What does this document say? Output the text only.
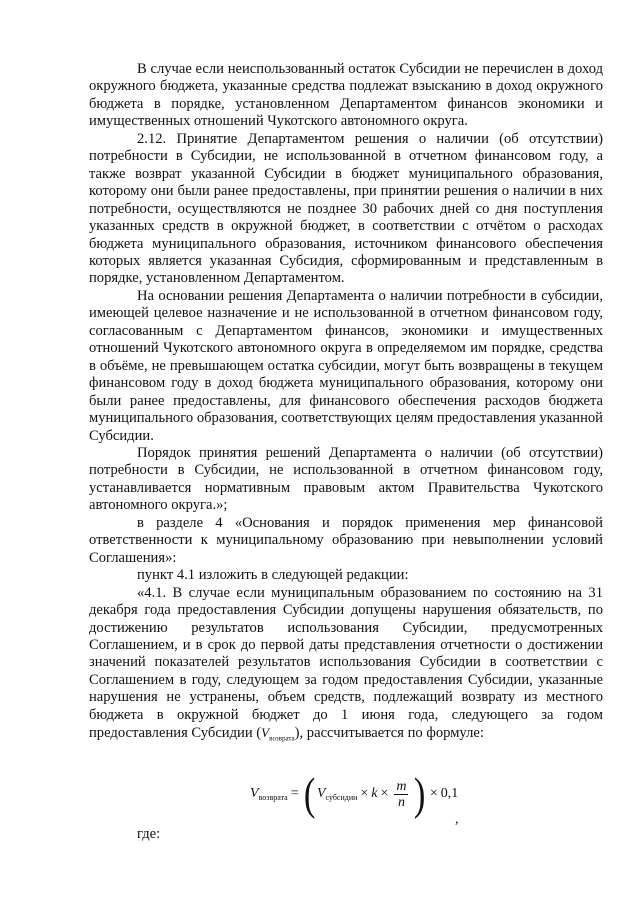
В случае если неиспользованный остаток Субсидии не перечислен в доход окружного бюджета, указанные средства подлежат взысканию в доход окружного бюджета в порядке, установленном Департаментом финансов экономики и имущественных отношений Чукотского автономного округа.

2.12. Принятие Департаментом решения о наличии (об отсутствии) потребности в Субсидии, не использованной в отчетном финансовом году, а также возврат указанной Субсидии в бюджет муниципального образования, которому они были ранее предоставлены, при принятии решения о наличии в них потребности, осуществляются не позднее 30 рабочих дней со дня поступления указанных средств в окружной бюджет, в соответствии с отчётом о расходах бюджета муниципального образования, источником финансового обеспечения которых является указанная Субсидия, сформированным и представленным в порядке, установленном Департаментом.

На основании решения Департамента о наличии потребности в субсидии, имеющей целевое назначение и не использованной в отчетном финансовом году, согласованным с Департаментом финансов, экономики и имущественных отношений Чукотского автономного округа в определяемом им порядке, средства в объёме, не превышающем остатка субсидии, могут быть возвращены в текущем финансовом году в доход бюджета муниципального образования, которому они были ранее предоставлены, для финансового обеспечения расходов бюджета муниципального образования, соответствующих целям предоставления указанной Субсидии.

Порядок принятия решений Департамента о наличии (об отсутствии) потребности в Субсидии, не использованной в отчетном финансовом году, устанавливается нормативным правовым актом Правительства Чукотского автономного округа.»;

в разделе 4 «Основания и порядок применения мер финансовой ответственности к муниципальному образованию при невыполнении условий Соглашения»:

пункт 4.1 изложить в следующей редакции:

«4.1. В случае если муниципальным образованием по состоянию на 31 декабря года предоставления Субсидии допущены нарушения обязательств, по достижению результатов использования Субсидии, предусмотренных Соглашением, и в срок до первой даты представления отчетности о достижении значений показателей результатов использования Субсидии в соответствии с Соглашением в году, следующем за годом предоставления Субсидии, указанные нарушения не устранены, объем средств, подлежащий возврату из местного бюджета в окружной бюджет до 1 июня года, следующего за годом предоставления Субсидии $(V_{возврата})$, рассчитывается по формуле:

V возврата = ( V субсидии × $k \times \frac{m}{n}$ ) × 0,1
,
где:
